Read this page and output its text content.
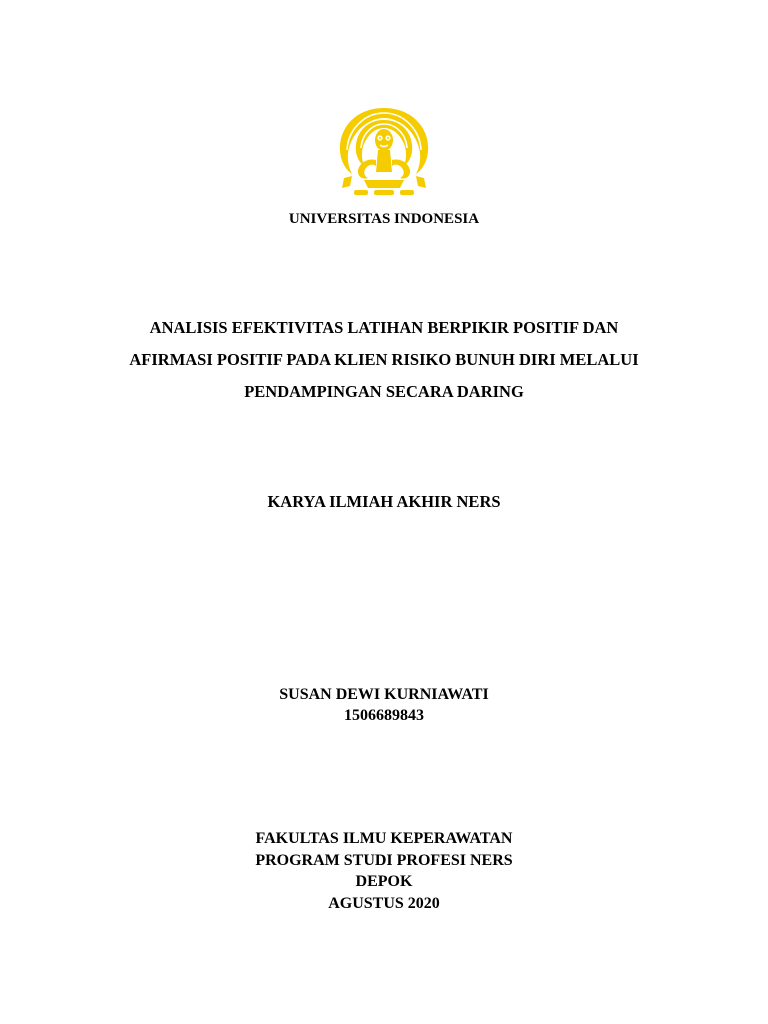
UNIVERSITAS INDONESIA
ANALISIS EFEKTIVITAS LATIHAN BERPIKIR POSITIF DAN
AFIRMASI POSITIF PADA KLIEN RISIKO BUNUH DIRI MELALUI
PENDAMPINGAN SECARA DARING
KARYA ILMIAH AKHIR NERS
SUSAN DEWI KURNIAWATI
1506689843
FAKULTAS ILMU KEPERAWATAN
PROGRAM STUDI PROFESI NERS
DEPOK
AGUSTUS 2020
